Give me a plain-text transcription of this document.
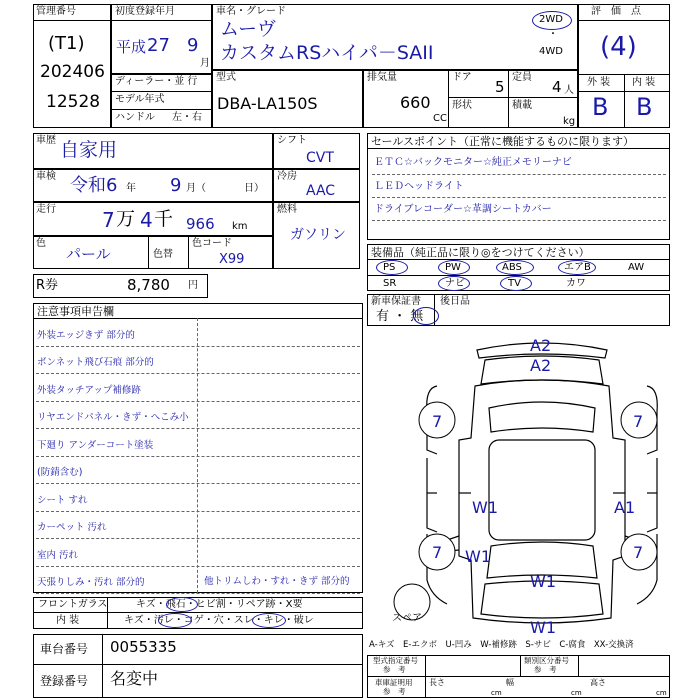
管理番号
(T1)
202406
12528
初度登録年月
平成 27 9
月
ディーラー・並 行
モデル年式
ハンドル 左・右
車名・グレード
ムーヴ
カスタムRSハイパ－SAII
2WD
・
4WD
型式
DBA-LA150S
排気量
660
CC
ドア
5
定員
4 人
形状	積載
kg
評　価　点
(4)
外 装 内 装
B B
車歴 自家用
車検 令和6 年 9 月（	日）
走行 7 万 4 千 966 km
色
パール	色替
色コード
X99
シフト
CVT
冷房
AAC
燃料
ガソリン
R券	8,780 円
セールスポイント（正常に機能するものに限ります）
ＥＴＣ☆バックモニター☆純正メモリーナビ
ＬＥＤヘッドライト
ドライブレコーダー☆革調シートカバー
装備品（純正品に限り◎をつけてください）
PS	PW	ABS	エアB	AW
SR	ナビ	TV	カワ
新車保証書
有 ・ 無
後日品
注意事項申告欄
外装エッジきず 部分的
ボンネット飛び石痕 部分的
外装タッチアップ補修跡
リヤエンドパネル・きず・へこみ小
下廻り アンダーコート塗装
(防錆含む)
シート すれ
カーペット 汚れ
室内 汚れ
天張りしみ・汚れ 部分的	他トリムしわ・すれ・きず 部分的
フロントガラス	キズ・飛石・ヒビ割・リペア跡・X要
内 装	キズ・汚レ・コゲ・穴・スレ・キレ・破レ
車台番号 0055335
登録番号 名変中
A2
A2
7	7
7	7
W1	A1
W1
W1
W1
スペア
A-キズ　E-エクボ　U-凹み　W-補修跡　S-サビ　C-腐食　XX-交換済
型式指定番号
参　考
類別区分番号
参　考
車庫証明用
参　考
長さ
cm
幅
cm
高さ
cm
